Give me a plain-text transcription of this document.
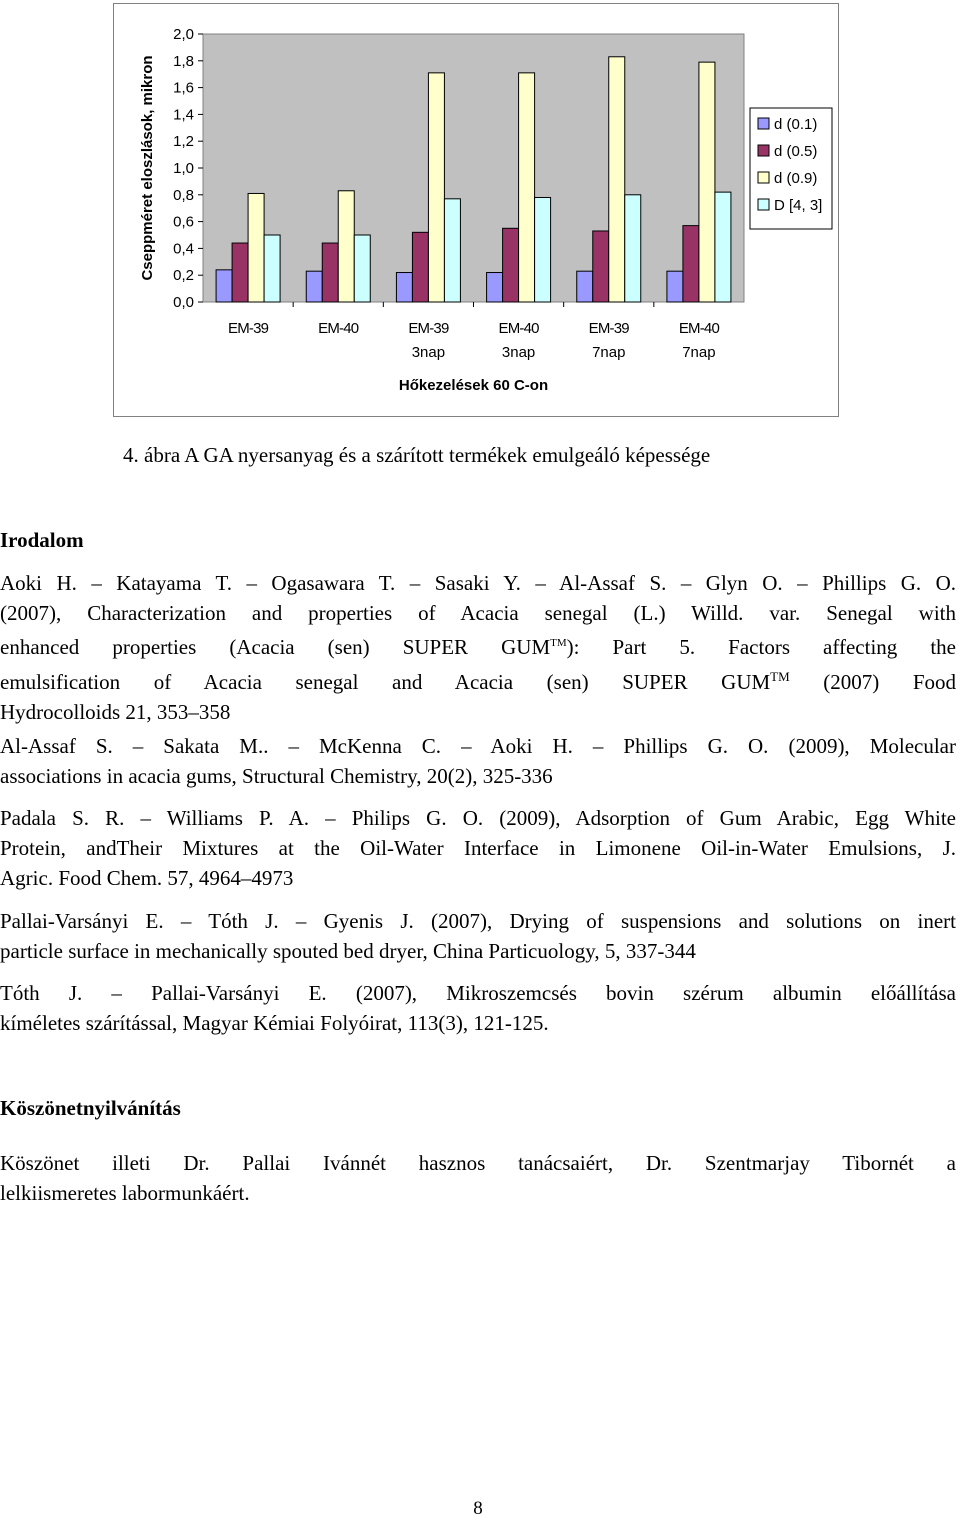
0,0
0,2
0,4
0,6
0,8
1,0
1,2
1,4
1,6
1,8
2,0
Cseppméret eloszlások, mikron
EM-39	EM-40	EM-39
3nap
EM-40
3nap
EM-39
7nap
EM-40
7nap
Hőkezelések 60 C-on
d (0.1)
d (0.5)
d (0.9)
D [4, 3]
4. ábra A GA nyersanyag és a szárított termékek emulgeáló képessége
Irodalom
Aoki H. – Katayama T. – Ogasawara T. – Sasaki Y. – Al-Assaf S. – Glyn O. – Phillips G. O.
(2007), Characterization and properties of Acacia senegal (L.) Willd. var. Senegal with
enhanced properties (Acacia (sen) SUPER GUM™): Part 5. Factors affecting the
emulsification of Acacia senegal and Acacia (sen) SUPER GUM™ (2007) Food
Hydrocolloids 21, 353–358
Al-Assaf S. – Sakata M.. – McKenna C. – Aoki H. – Phillips G. O. (2009), Molecular
associations in acacia gums, Structural Chemistry, 20(2), 325-336
Padala S. R. – Williams P. A. – Philips G. O. (2009), Adsorption of Gum Arabic, Egg White
Protein, andTheir Mixtures at the Oil-Water Interface in Limonene Oil-in-Water Emulsions, J.
Agric. Food Chem. 57, 4964–4973
Pallai-Varsányi E. – Tóth J. – Gyenis J. (2007), Drying of suspensions and solutions on inert
particle surface in mechanically spouted bed dryer, China Particuology, 5, 337-344
Tóth J. – Pallai-Varsányi E. (2007), Mikroszemcsés bovin szérum albumin előállítása
kíméletes szárítással, Magyar Kémiai Folyóirat, 113(3), 121-125.
Köszönetnyilvánítás
Köszönet illeti Dr. Pallai Ivánnét hasznos tanácsaiért, Dr. Szentmarjay Tibornét a
lelkiismeretes labormunkáért.
8
